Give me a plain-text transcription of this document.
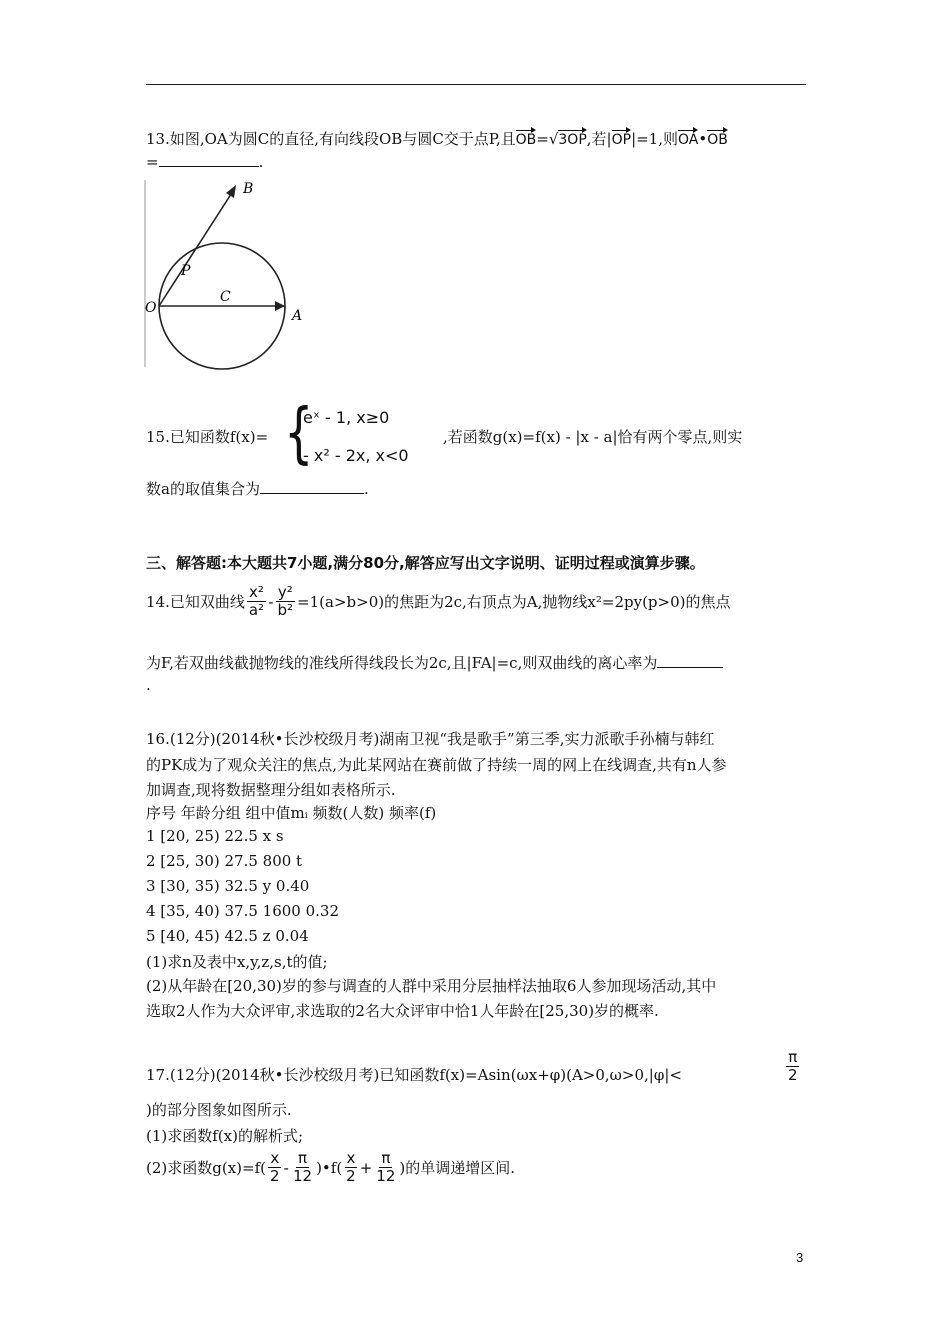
13.如图,OA为圆C的直径,有向线段OB与圆C交于点P,且OB=√3OP,若|OP|=1,则OA•OB
=	.
B
P
O
C
A
15.已知函数f(x)= {
eˣ - 1, x≥0
- x² - 2x, x<0
,若函数g(x)=f(x) - |x - a|恰有两个零点,则实
数a的取值集合为	.
三、解答题:本大题共7小题,满分80分,解答应写出文字说明、证明过程或演算步骤。
14.已知双曲线 $\frac{\text{x²}}{\text{a²}} - \frac{\text{y²}}{\text{b²}} =1(a>b>0)$的焦距为2c,右顶点为A,抛物线x²=2py(p>0)的焦点
为F,若双曲线截抛物线的准线所得线段长为2c,且|FA|=c,则双曲线的离心率为
.
16.(12分)(2014秋•长沙校级月考)湖南卫视“我是歌手”第三季,实力派歌手孙楠与韩红
的PK成为了观众关注的焦点,为此某网站在赛前做了持续一周的网上在线调查,共有n人参
加调查,现将数据整理分组如表格所示.
序号 年龄分组 组中值mᵢ 频数(人数) 频率(f)
1 [20, 25) 22.5 x s
2 [25, 30) 27.5 800 t
3 [30, 35) 32.5 y 0.40
4 [35, 40) 37.5 1600 0.32
5 [40, 45) 42.5 z 0.04
(1)求n及表中x,y,z,s,t的值;
(2)从年龄在[20,30)岁的参与调查的人群中采用分层抽样法抽取6人参加现场活动,其中
选取2人作为大众评审,求选取的2名大众评审中恰1人年龄在[25,30)岁的概率.
17.(12分)(2014秋•长沙校级月考)已知函数f(x)=Asin(ωx+φ)(A>0,ω>0,|φ|<	$\frac{\pi}{2}$
)的部分图象如图所示.
(1)求函数f(x)的解析式;
(2)求函数$g(x)=f( \frac{x}{2} - \frac{\pi}{12}$ )•f( $\frac{x}{2} + \frac{\pi}{12}$ )的单调递增区间.
3
